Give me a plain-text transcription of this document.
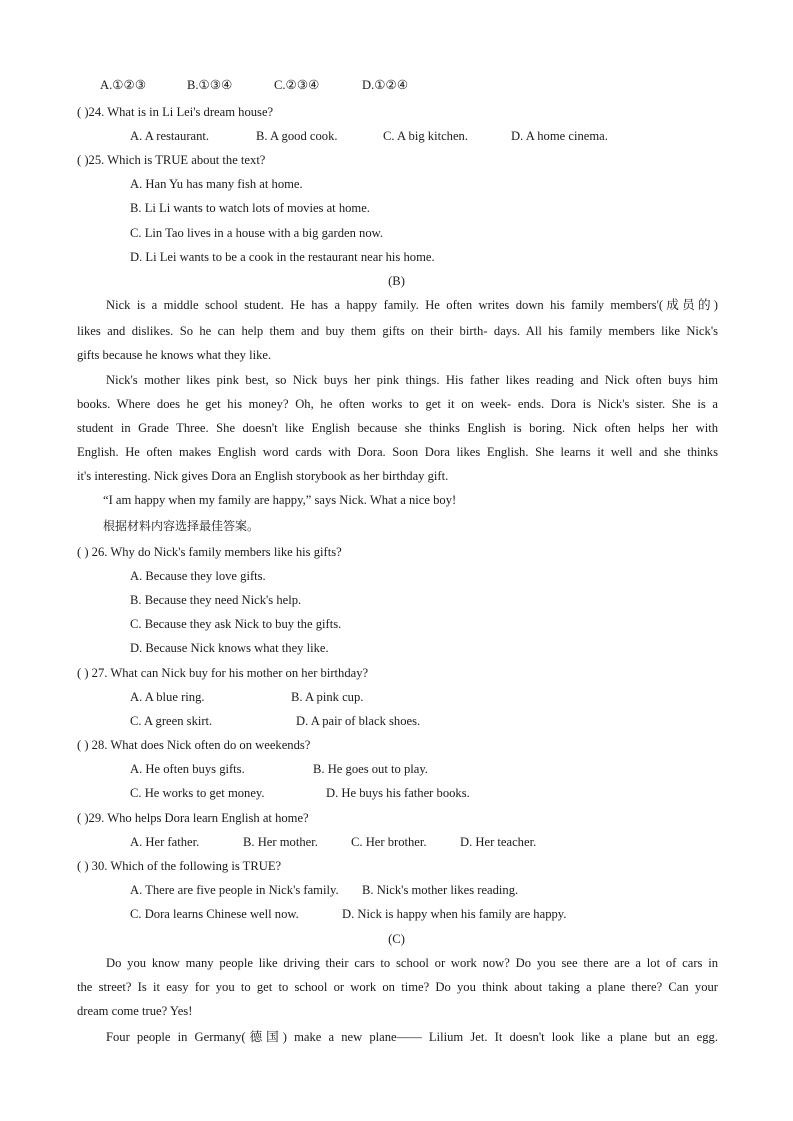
A.①②③	B.①③④	C.②③④	D.①②④
( )24. What is in Li Lei's dream house?
A. A restaurant.	B. A good cook.	C. A big kitchen.	D. A home cinema.
( )25. Which is TRUE about the text?
A. Han Yu has many fish at home.
B. Li Li wants to watch lots of movies at home.
C. Lin Tao lives in a house with a big garden now.
D. Li Lei wants to be a cook in the restaurant near his home.
(B)
Nick is a middle school student. He has a happy family. He often writes down his family members'(成员的)
likes and dislikes. So he can help them and buy them gifts on their birth- days. All his family members like Nick's
gifts because he knows what they like.
Nick's mother likes pink best, so Nick buys her pink things. His father likes reading and Nick often buys him
books. Where does he get his money? Oh, he often works to get it on week- ends. Dora is Nick's sister. She is a
student in Grade Three. She doesn't like English because she thinks English is boring. Nick often helps her with
English. He often makes English word cards with Dora. Soon Dora likes English. She learns it well and she thinks
it's interesting. Nick gives Dora an English storybook as her birthday gift.
“I am happy when my family are happy,” says Nick. What a nice boy!
根据材料内容选择最佳答案。
( ) 26. Why do Nick's family members like his gifts?
A. Because they love gifts.
B. Because they need Nick's help.
C. Because they ask Nick to buy the gifts.
D. Because Nick knows what they like.
( ) 27. What can Nick buy for his mother on her birthday?
A. A blue ring.	B. A pink cup.
C. A green skirt.	D. A pair of black shoes.
( ) 28. What does Nick often do on weekends?
A. He often buys gifts.	B. He goes out to play.
C. He works to get money.	D. He buys his father books.
( )29. Who helps Dora learn English at home?
A. Her father.	B. Her mother.	C. Her brother.	D. Her teacher.
( ) 30. Which of the following is TRUE?
A. There are five people in Nick's family. B. Nick's mother likes reading.
C. Dora learns Chinese well now.	D. Nick is happy when his family are happy.
(C)
Do you know many people like driving their cars to school or work now? Do you see there are a lot of cars in
the street? Is it easy for you to get to school or work on time? Do you think about taking a plane there? Can your
dream come true? Yes!
Four people in Germany(德国) make a new plane—— Lilium Jet. It doesn't look like a plane but an egg.
